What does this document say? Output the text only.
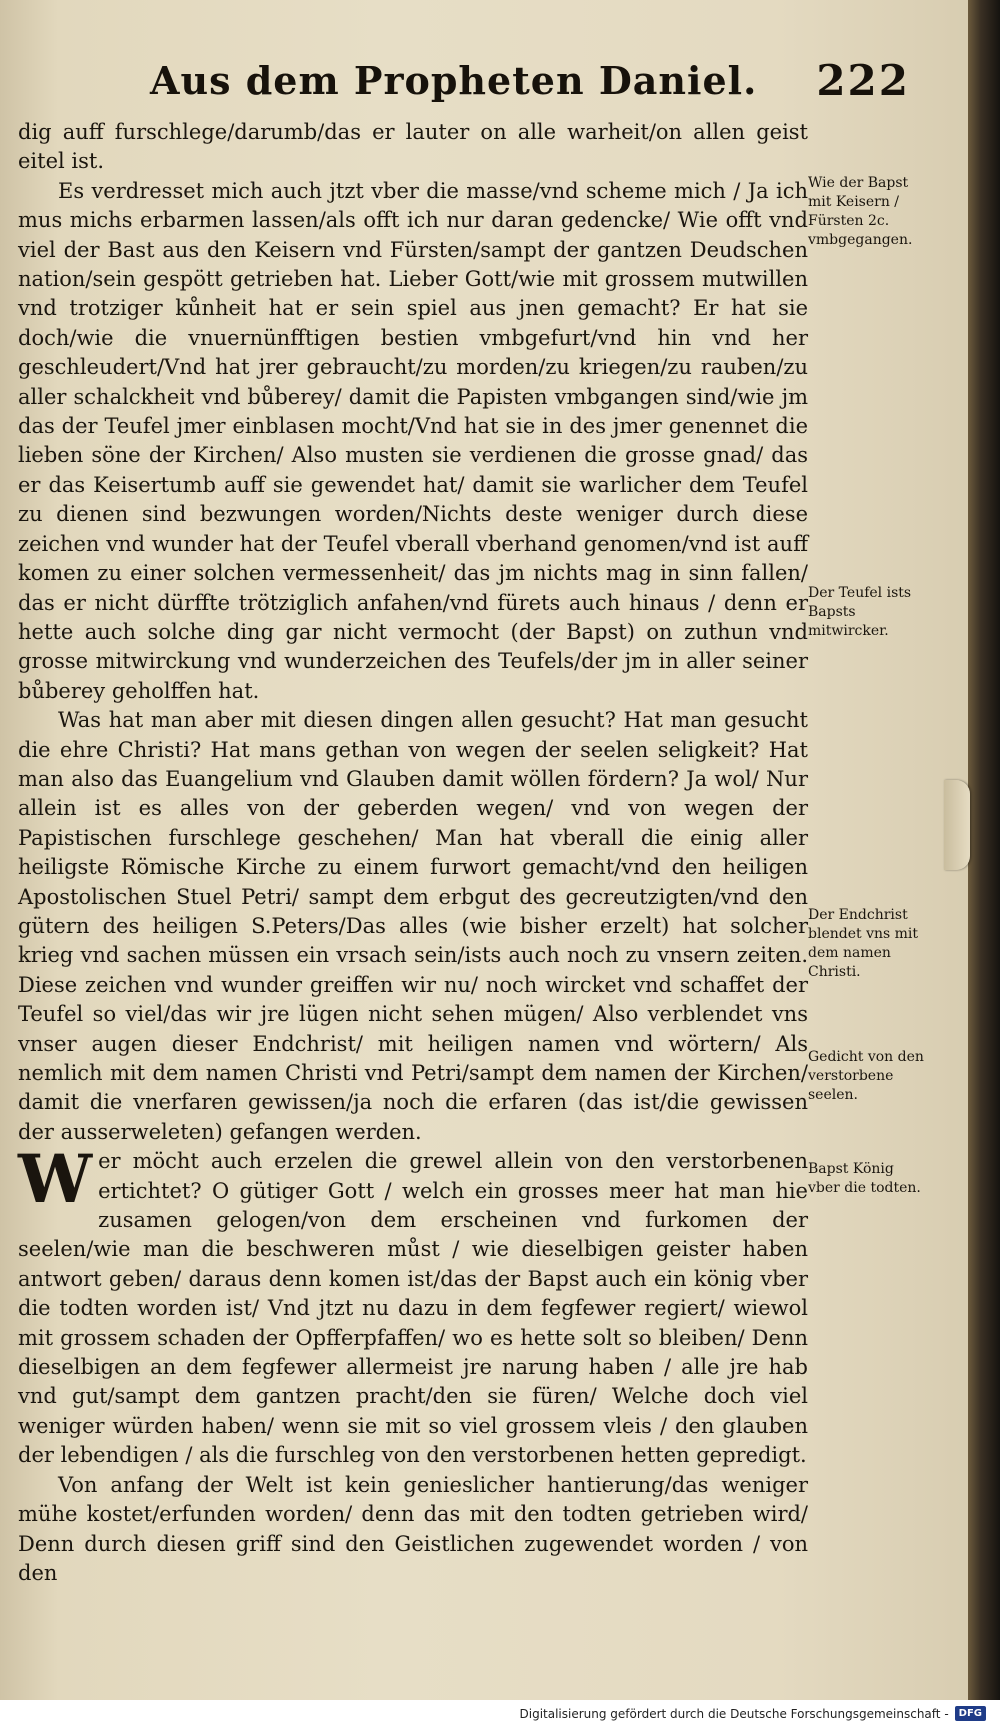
Aus dem Propheten Daniel. 222

dig auff furschlege/darumb/das er lauter on alle warheit/on allen geist eitel ist.

Es verdresset mich auch jtzt vber die masse/vnd scheme mich / Ja ich mus michs erbarmen lassen/als offt ich nur daran gedencke/ Wie offt vnd viel der Bast aus den Keisern vnd Fürsten/sampt der gantzen Deudschen nation/sein gespött getrieben hat. Lieber Gott/wie mit grossem mutwillen vnd trotziger kůnheit hat er sein spiel aus jnen gemacht? Er hat sie doch/wie die vnuernünfftigen bestien vmbgefurt/vnd hin vnd her geschleudert/Vnd hat jrer gebraucht/zu morden/zu kriegen/zu rauben/zu aller schalckheit vnd bůberey/ damit die Papisten vmbgangen sind/wie jm das der Teufel jmer einblasen mocht/Vnd hat sie in des jmer genennet die lieben söne der Kirchen/ Also musten sie verdienen die grosse gnad/ das er das Keisertumb auff sie gewendet hat/ damit sie warlicher dem Teufel zu dienen sind bezwungen worden/Nichts deste weniger durch diese zeichen vnd wunder hat der Teufel vberall vberhand genomen/vnd ist auff komen zu einer solchen vermessenheit/ das jm nichts mag in sinn fallen/ das er nicht dürffte trötziglich anfahen/vnd fürets auch hinaus / denn er hette auch solche ding gar nicht vermocht (der Bapst) on zuthun vnd grosse mitwirckung vnd wunderzeichen des Teufels/der jm in aller seiner bůberey geholffen hat.

Was hat man aber mit diesen dingen allen gesucht? Hat man gesucht die ehre Christi? Hat mans gethan von wegen der seelen seligkeit? Hat man also das Euangelium vnd Glauben damit wöllen fördern? Ja wol/ Nur allein ist es alles von der geberden wegen/ vnd von wegen der Papistischen furschlege geschehen/ Man hat vberall die einig aller heiligste Römische Kirche zu einem furwort gemacht/vnd den heiligen Apostolischen Stuel Petri/ sampt dem erbgut des gecreutzigten/vnd den gütern des heiligen S.Peters/Das alles (wie bisher erzelt) hat solcher krieg vnd sachen müssen ein vrsach sein/ists auch noch zu vnsern zeiten. Diese zeichen vnd wunder greiffen wir nu/ noch wircket vnd schaffet der Teufel so viel/das wir jre lügen nicht sehen mügen/ Also verblendet vns vnser augen dieser Endchrist/ mit heiligen namen vnd wörtern/ Als nemlich mit dem namen Christi vnd Petri/sampt dem namen der Kirchen/ damit die vnerfaren gewissen/ja noch die erfaren (das ist/die gewissen der ausserweleten) gefangen werden.

Wer möcht auch erzelen die grewel allein von den verstorbenen ertichtet? O gütiger Gott / welch ein grosses meer hat man hie zusamen gelogen/von dem erscheinen vnd furkomen der seelen/wie man die beschweren můst / wie dieselbigen geister haben antwort geben/ daraus denn komen ist/das der Bapst auch ein könig vber die todten worden ist/ Vnd jtzt nu dazu in dem fegfewer regiert/ wiewol mit grossem schaden der Opfferpfaffen/ wo es hette solt so bleiben/ Denn dieselbigen an dem fegfewer allermeist jre narung haben / alle jre hab vnd gut/sampt dem gantzen pracht/den sie füren/ Welche doch viel weniger würden haben/ wenn sie mit so viel grossem vleis / den glauben der lebendigen / als die furschleg von den verstorbenen hetten gepredigt.

Von anfang der Welt ist kein genieslicher hantierung/das weniger mühe kostet/erfunden worden/ denn das mit den todten getrieben wird/ Denn durch diesen griff sind den Geistlichen zugewendet worden / von den

Wie der Bapst mit Keisern / Fürsten 2c. vmbgegangen.
Der Teufel ists Bapsts mitwircker.
Der Endchrist blendet vns mit dem namen Christi.
Gedicht von den verstorbene seelen.
Bapst König vber die todten.
Digitalisierung gefördert durch die Deutsche Forschungsgemeinschaft -	DFG
